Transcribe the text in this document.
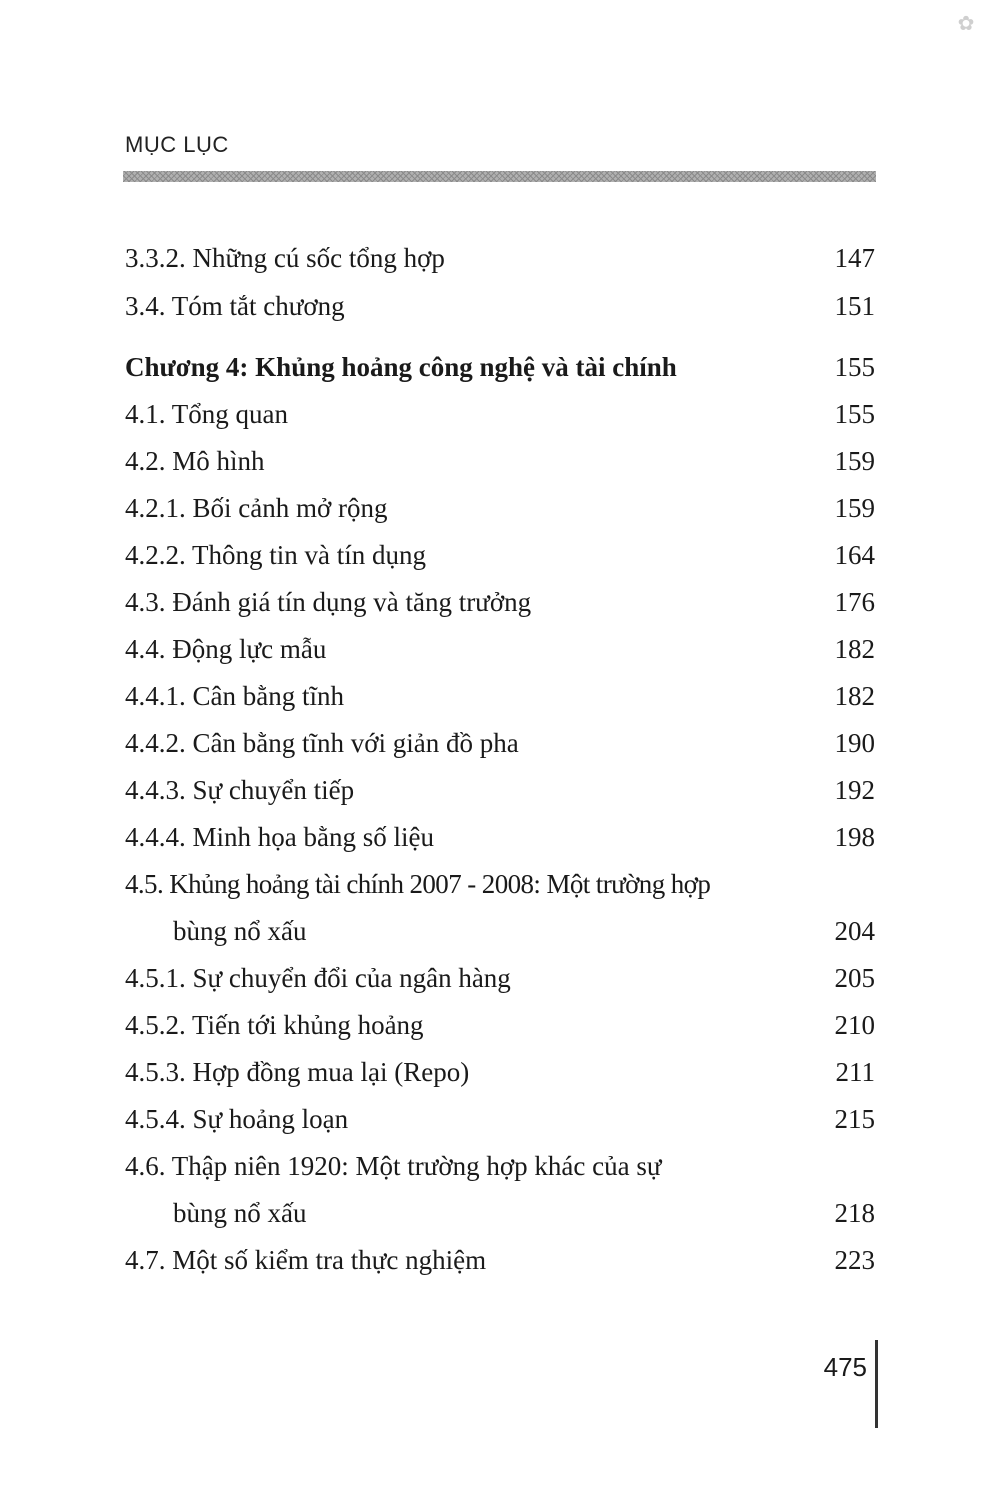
✿
MỤC LỤC
3.3.2. Những cú sốc tổng hợp	147
3.4. Tóm tắt chương	151
Chương 4: Khủng hoảng công nghệ và tài chính	155
4.1. Tổng quan	155
4.2. Mô hình	159
4.2.1. Bối cảnh mở rộng	159
4.2.2. Thông tin và tín dụng	164
4.3. Đánh giá tín dụng và tăng trưởng	176
4.4. Động lực mẫu	182
4.4.1. Cân bằng tĩnh	182
4.4.2. Cân bằng tĩnh với giản đồ pha	190
4.4.3. Sự chuyển tiếp	192
4.4.4. Minh họa bằng số liệu	198
4.5. Khủng hoảng tài chính 2007 - 2008: Một trường hợp
bùng nổ xấu	204
4.5.1. Sự chuyển đổi của ngân hàng	205
4.5.2. Tiến tới khủng hoảng	210
4.5.3. Hợp đồng mua lại (Repo)	211
4.5.4. Sự hoảng loạn	215
4.6. Thập niên 1920: Một trường hợp khác của sự
bùng nổ xấu	218
4.7. Một số kiểm tra thực nghiệm	223
475
